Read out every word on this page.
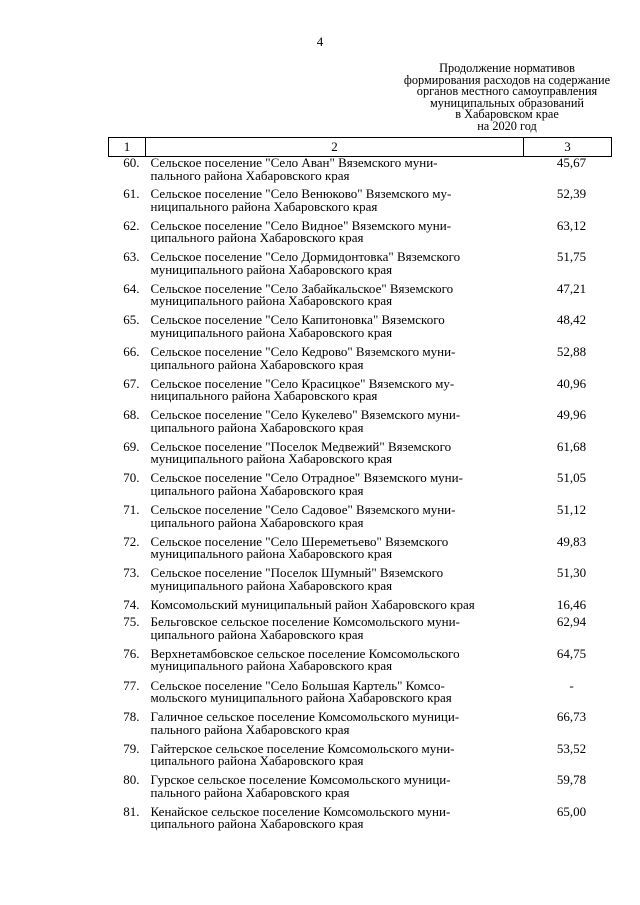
4
Продолжение нормативов
формирования расходов на содержание
органов местного самоуправления
муниципальных образований
в Хабаровском крае
на 2020 год
1	2	3
60.	Сельское поселение "Село Аван" Вяземского муни-
пального района Хабаровского края	45,67
61.	Сельское поселение "Село Венюково" Вяземского му-
ниципального района Хабаровского края	52,39
62.	Сельское поселение "Село Видное" Вяземского муни-
ципального района Хабаровского края	63,12
63.	Сельское поселение "Село Дормидонтовка" Вяземского
муниципального района Хабаровского края	51,75
64.	Сельское поселение "Село Забайкальское" Вяземского
муниципального района Хабаровского края	47,21
65.	Сельское поселение "Село Капитоновка" Вяземского
муниципального района Хабаровского края	48,42
66.	Сельское поселение "Село Кедрово" Вяземского муни-
ципального района Хабаровского края	52,88
67.	Сельское поселение "Село Красицкое" Вяземского му-
ниципального района Хабаровского края	40,96
68.	Сельское поселение "Село Кукелево" Вяземского муни-
ципального района Хабаровского края	49,96
69.	Сельское поселение "Поселок Медвежий" Вяземского
муниципального района Хабаровского края	61,68
70.	Сельское поселение "Село Отрадное" Вяземского муни-
ципального района Хабаровского края	51,05
71.	Сельское поселение "Село Садовое" Вяземского муни-
ципального района Хабаровского края	51,12
72.	Сельское поселение "Село Шереметьево" Вяземского
муниципального района Хабаровского края	49,83
73.	Сельское поселение "Поселок Шумный" Вяземского
муниципального района Хабаровского края	51,30
74.	Комсомольский муниципальный район Хабаровского края	16,46
75.	Бельговское сельское поселение Комсомольского муни-
ципального района Хабаровского края	62,94
76.	Верхнетамбовское сельское поселение Комсомольского
муниципального района Хабаровского края	64,75
77.	Сельское поселение "Село Большая Картель" Комсо-
мольского муниципального района Хабаровского края	-
78.	Галичное сельское поселение Комсомольского муници-
пального района Хабаровского края	66,73
79.	Гайтерское сельское поселение Комсомольского муни-
ципального района Хабаровского края	53,52
80.	Гурское сельское поселение Комсомольского муници-
пального района Хабаровского края	59,78
81.	Кенайское сельское поселение Комсомольского муни-
ципального района Хабаровского края	65,00
